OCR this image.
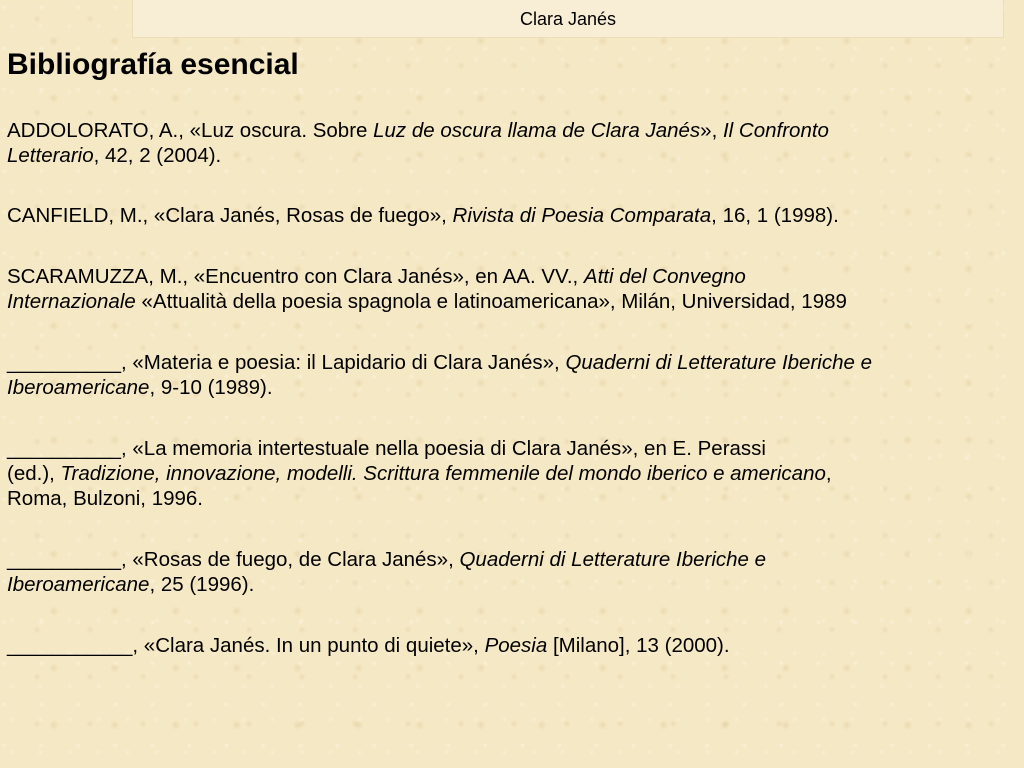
Clara Janés
Bibliografía esencial

ADDOLORATO, A., «Luz oscura. Sobre Luz de oscura llama de Clara Janés», Il Confronto
Letterario, 42, 2 (2004).

CANFIELD, M., «Clara Janés, Rosas de fuego», Rivista di Poesia Comparata, 16, 1 (1998).

SCARAMUZZA, M., «Encuentro con Clara Janés», en AA. VV., Atti del Convegno
Internazionale «Attualità della poesia spagnola e latinoamericana», Milán, Universidad, 1989

__________, «Materia e poesia: il Lapidario di Clara Janés», Quaderni di Letterature Iberiche e
Iberoamericane, 9-10 (1989).

__________, «La memoria intertestuale nella poesia di Clara Janés», en E. Perassi
(ed.), Tradizione, innovazione, modelli. Scrittura femmenile del mondo iberico e americano,
Roma, Bulzoni, 1996.

__________, «Rosas de fuego, de Clara Janés», Quaderni di Letterature Iberiche e
Iberoamericane, 25 (1996).

___________, «Clara Janés. In un punto di quiete», Poesia [Milano], 13 (2000).
